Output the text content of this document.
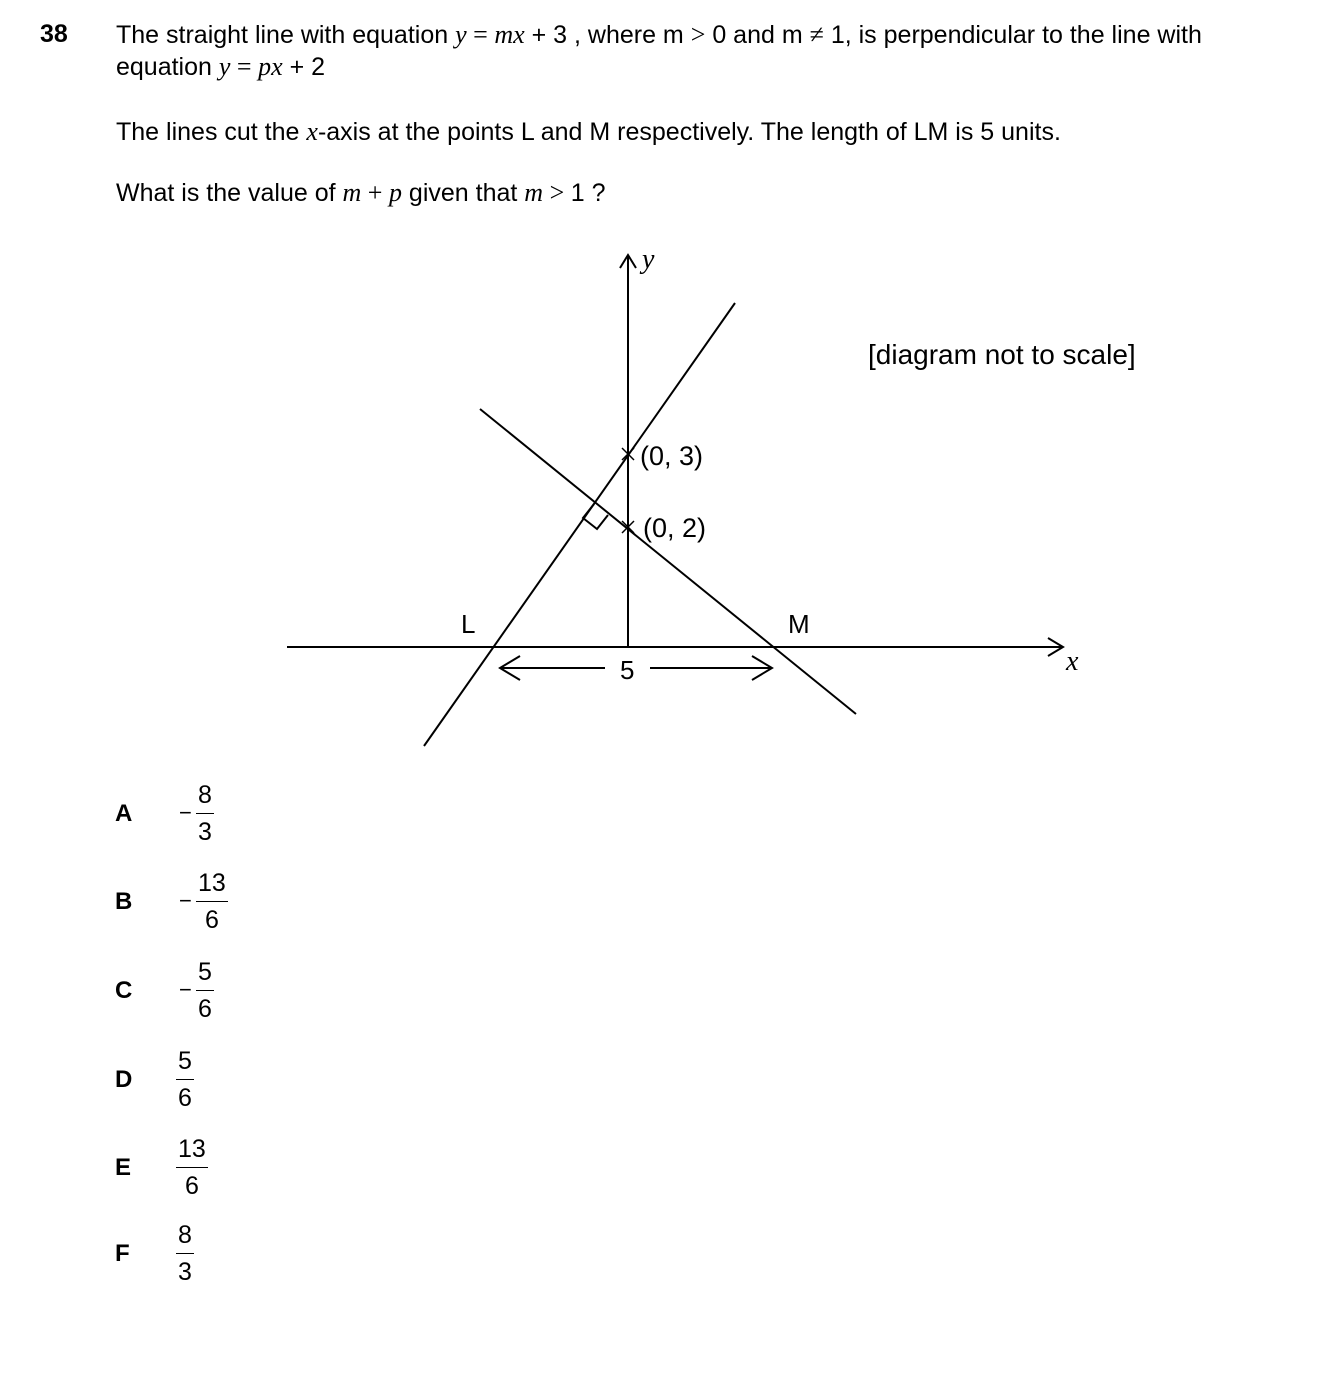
38 The straight line with equation y = mx + 3 , where m > 0 and m ≠ 1, is perpendicular to the line with
equation y = px + 2
The lines cut the x-axis at the points L and M respectively. The length of LM is 5 units.
What is the value of m + p given that m > 1 ?
y
x
(0, 3)
(0, 2)
L	M
5
[diagram not to scale]
$A - \frac{8}{3}$
$B - \frac{13}{6}$
$C - \frac{5}{6}$
D $\frac{5}{6}$
E $\frac{13}{6}$
F $\frac{8}{3}$
